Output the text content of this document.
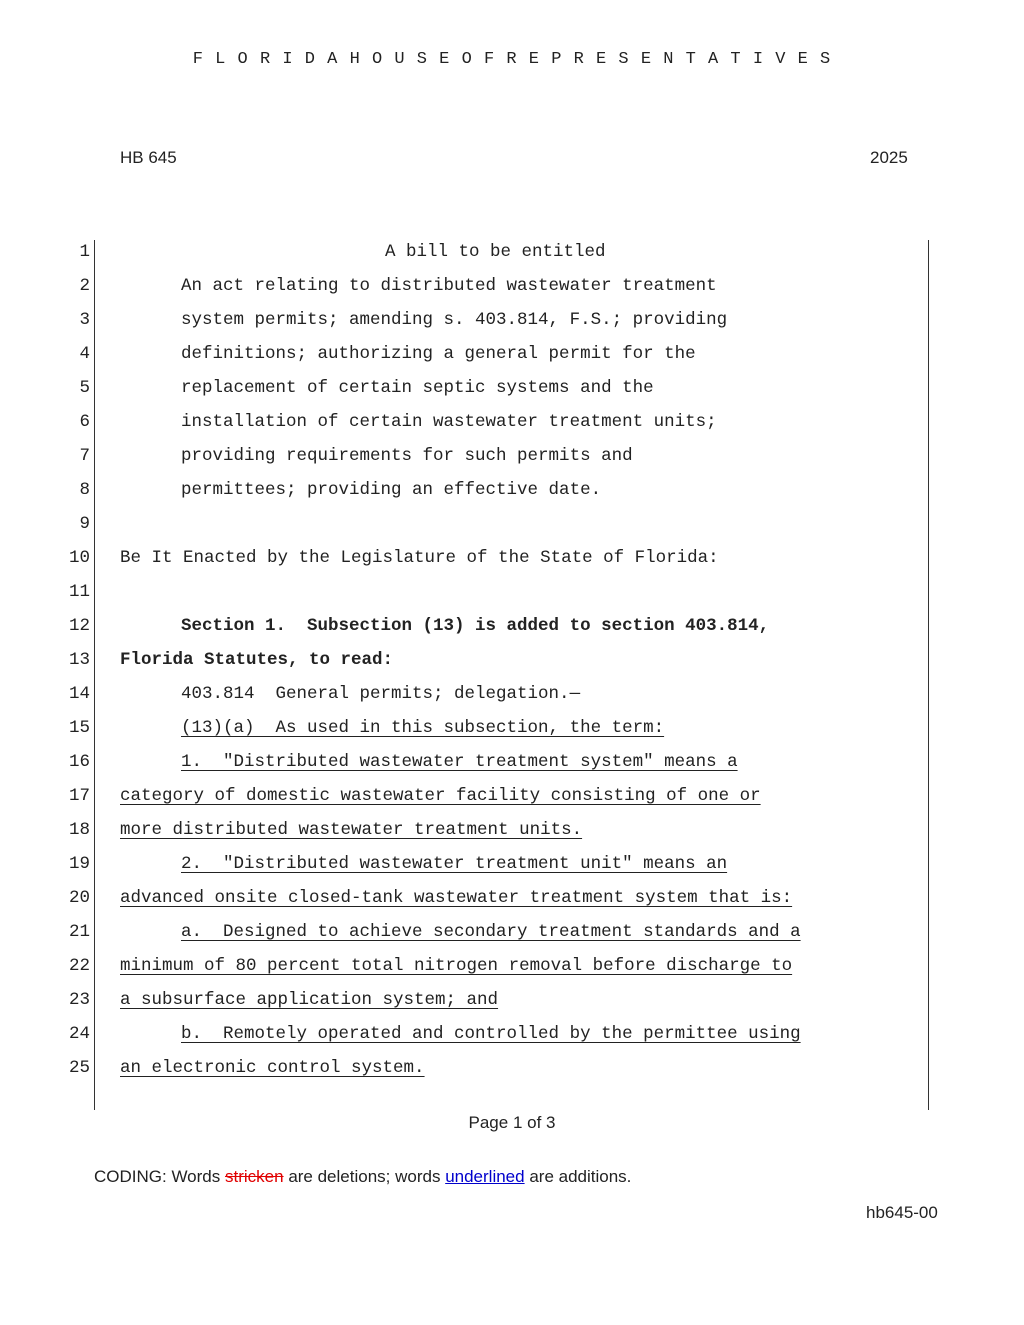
F L O R I D A H O U S E O F R E P R E S E N T A T I V E S
HB 645	2025
1	A bill to be entitled
2	An act relating to distributed wastewater treatment
3	system permits; amending s. 403.814, F.S.; providing
4	definitions; authorizing a general permit for the
5	replacement of certain septic systems and the
6	installation of certain wastewater treatment units;
7	providing requirements for such permits and
8	permittees; providing an effective date.
9
10 Be It Enacted by the Legislature of the State of Florida:
11
12	Section 1.  Subsection (13) is added to section 403.814,
13 Florida Statutes, to read:
14	403.814  General permits; delegation.—
15	(13)(a)  As used in this subsection, the term:
16	1.  "Distributed wastewater treatment system" means a
17 category of domestic wastewater facility consisting of one or
18 more distributed wastewater treatment units.
19	2.  "Distributed wastewater treatment unit" means an
20 advanced onsite closed-tank wastewater treatment system that is:
21	a.  Designed to achieve secondary treatment standards and a
22 minimum of 80 percent total nitrogen removal before discharge to
23 a subsurface application system; and
24	b.  Remotely operated and controlled by the permittee using
25 an electronic control system.
Page 1 of 3
CODING: Words stricken are deletions; words underlined are additions.
hb645-00
